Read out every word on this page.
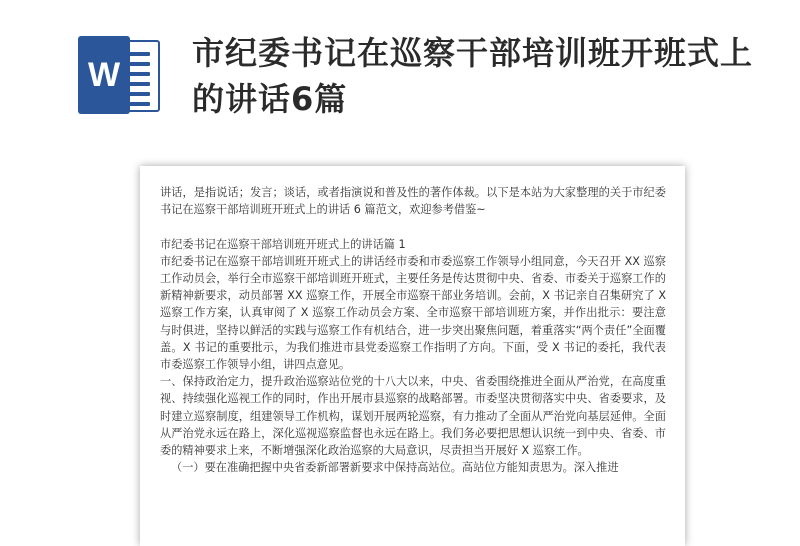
W
市纪委书记在巡察干部培训班开班式上的讲话6篇

讲话，是指说话；发言；谈话，或者指演说和普及性的著作体裁。以下是本站为大家整理的关于市纪委书记在巡察干部培训班开班式上的讲话 6 篇范文，欢迎参考借鉴~

市纪委书记在巡察干部培训班开班式上的讲话篇 1

市纪委书记在巡察干部培训班开班式上的讲话经市委和市委巡察工作领导小组同意，今天召开 XX 巡察工作动员会，举行全市巡察干部培训班开班式，主要任务是传达贯彻中央、省委、市委关于巡察工作的新精神新要求，动员部署 XX 巡察工作，开展全市巡察干部业务培训。会前，X 书记亲自召集研究了 X 巡察工作方案，认真审阅了 X 巡察工作动员会方案、全市巡察干部培训班方案，并作出批示：要注意与时俱进，坚持以鲜活的实践与巡察工作有机结合，进一步突出聚焦问题，着重落实“两个责任”全面覆盖。X 书记的重要批示，为我们推进市县党委巡察工作指明了方向。下面，受 X 书记的委托，我代表市委巡察工作领导小组，讲四点意见。

一、保持政治定力，提升政治巡察站位党的十八大以来，中央、省委围绕推进全面从严治党，在高度重视、持续强化巡视工作的同时，作出开展市县巡察的战略部署。市委坚决贯彻落实中央、省委要求，及时建立巡察制度，组建领导工作机构，谋划开展两轮巡察，有力推动了全面从严治党向基层延伸。全面从严治党永远在路上，深化巡视巡察监督也永远在路上。我们务必要把思想认识统一到中央、省委、市委的精神要求上来，不断增强深化政治巡察的大局意识，尽责担当开展好 X 巡察工作。

（一）要在准确把握中央省委新部署新要求中保持高站位。高站位方能知责思为。深入推进
